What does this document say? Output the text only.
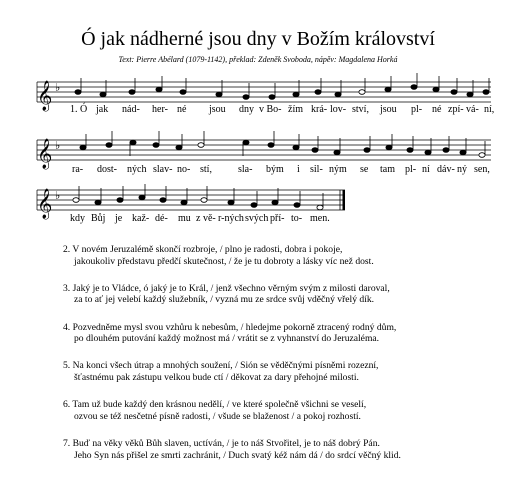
Ó jak nádherné jsou dny v Božím království
Text: Pierre Abélard (1079-1142), překlad: Zdeněk Svoboda, nápěv: Magdalena Horká
𝄞 ♭
1. Ó jak nád- her- né jsou dny v Bo- žím krá- lov- ství, jsou pl- né zpí- vá- ní,
𝄞 ♭
ra- dost- ných slav- no- stí,	sla- bým i sil- ným se tam pl- ní dáv- ný sen,
𝄞 ♭
kdy Bůj je kaž- dé- mu z vě- r-ných svých pří- to- men.
2. V novém Jeruzalémě skončí rozbroje, / plno je radosti, dobra i pokoje,
jakoukoliv představu předčí skutečnost, / že je tu dobroty a lásky víc než dost.
3. Jaký je to Vládce, ó jaký je to Král, / jenž všechno věrným svým z milosti daroval,
za to ať jej velebí každý služebník, / vyzná mu ze srdce svůj vděčný vřelý dík.
4. Pozvedněme mysl svou vzhůru k nebesům, / hledejme pokorně ztracený rodný dům,
po dlouhém putování každý možnost má / vrátit se z vyhnanství do Jeruzaléma.
5. Na konci všech útrap a mnohých soužení, / Sión se věděčnými písněmi rozezní,
šťastnému pak zástupu velkou bude ctí / děkovat za dary přehojné milosti.
6. Tam už bude každý den krásnou nedělí, / ve které společně všichni se veselí,
ozvou se též nesčetné písně radosti, / všude se blaženost / a pokoj rozhostí.
7. Buď na věky věků Bůh slaven, uctíván, / je to náš Stvořitel, je to náš dobrý Pán.
Jeho Syn nás přišel ze smrti zachránit, / Duch svatý kéž nám dá / do srdcí věčný klid.
